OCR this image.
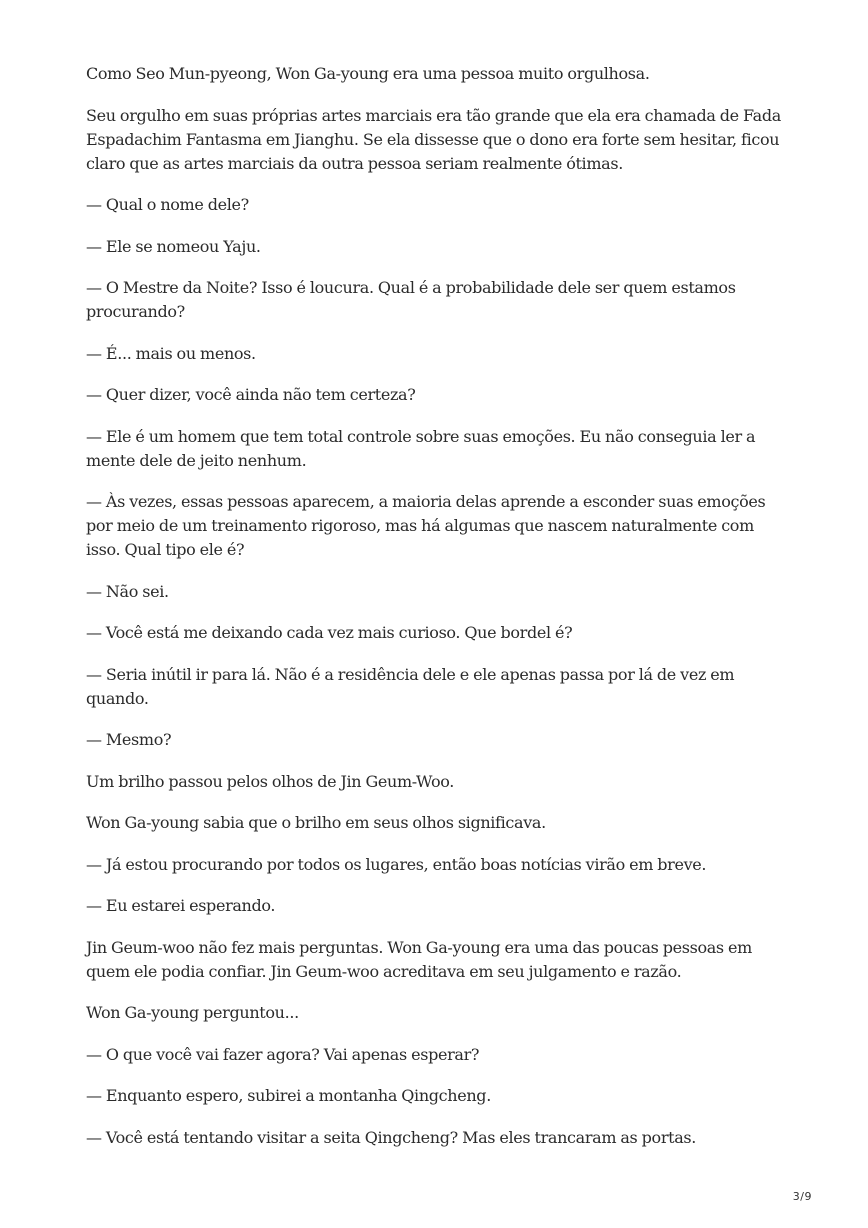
Como Seo Mun-pyeong, Won Ga-young era uma pessoa muito orgulhosa.

Seu orgulho em suas próprias artes marciais era tão grande que ela era chamada de Fada Espadachim Fantasma em Jianghu. Se ela dissesse que o dono era forte sem hesitar, ficou claro que as artes marciais da outra pessoa seriam realmente ótimas.

— Qual o nome dele?

— Ele se nomeou Yaju.

— O Mestre da Noite? Isso é loucura. Qual é a probabilidade dele ser quem estamos procurando?

— É... mais ou menos.

— Quer dizer, você ainda não tem certeza?

— Ele é um homem que tem total controle sobre suas emoções. Eu não conseguia ler a mente dele de jeito nenhum.

— Às vezes, essas pessoas aparecem, a maioria delas aprende a esconder suas emoções por meio de um treinamento rigoroso, mas há algumas que nascem naturalmente com isso. Qual tipo ele é?

— Não sei.

— Você está me deixando cada vez mais curioso. Que bordel é?

— Seria inútil ir para lá. Não é a residência dele e ele apenas passa por lá de vez em quando.

— Mesmo?

Um brilho passou pelos olhos de Jin Geum-Woo.

Won Ga-young sabia que o brilho em seus olhos significava.

— Já estou procurando por todos os lugares, então boas notícias virão em breve.

— Eu estarei esperando.

Jin Geum-woo não fez mais perguntas. Won Ga-young era uma das poucas pessoas em quem ele podia confiar. Jin Geum-woo acreditava em seu julgamento e razão.

Won Ga-young perguntou...

— O que você vai fazer agora? Vai apenas esperar?

— Enquanto espero, subirei a montanha Qingcheng.

— Você está tentando visitar a seita Qingcheng? Mas eles trancaram as portas.

3/9
